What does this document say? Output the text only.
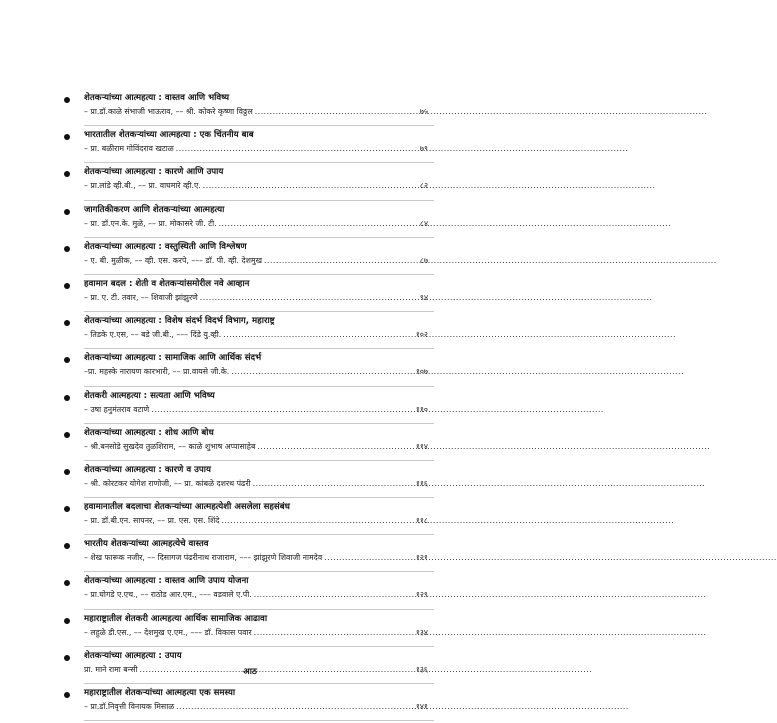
शेतकऱ्यांच्या आत्महत्या : वास्तव आणि भविष्य
– प्रा.डॉ.काळे संभाजी भाऊराव, –– श्री. कोकरे कृष्णा विठ्ठल .....	७५
भारतातील शेतकऱ्यांच्या आत्महत्या : एक चिंतनीय बाब
– प्रा. बळीराम गोविंदराव खटाळ .....	७९
शेतकऱ्यांच्या आत्महत्या : कारणे आणि उपाय
– प्रा.लांडे व्ही.बी., –– प्रा. वाघमारे व्ही.ए. .....	८२
जागतिकीकरण आणि शेतकऱ्यांच्या आत्महत्या
– प्रा. डॉ.एन.के. मुळे, –– प्रा. मोकासरे जी. टी. .....	८४
शेतकऱ्यांच्या आत्महत्या : वस्तुस्थिती आणि विश्लेषण
– ए. बी. मुळीक, –– व्ही. एस. करपे, ––– डॉ. पी. व्ही. देशमुख .....	८७
हवामान बदल : शेती व शेतकऱ्यांसमोरील नवे आव्हान
– प्रा. ए. टी. तवार, –– शिवाजी झांझुरणे .....	९४
शेतकऱ्यांच्या आत्महत्या : विशेष संदर्भ विदर्भ विभाग, महाराष्ट्र
– तिडके ए.एस, –– बडे जी.बी., ––– दिंडे यु.व्ही. .....	१०२
शेतकऱ्यांच्या आत्महत्या : सामाजिक आणि आर्थिक संदर्भ
–प्रा. महस्के नारायण कारभारी, –– प्रा.वायसे जी.के. .....	१०७
शेतकरी आत्महत्या : सत्यता आणि भविष्य
– उषा हनुमंतराव वटाणे .....	११०
शेतकऱ्यांच्या आत्महत्या : शोध आणि बोध
– श्री.बनसोडे सुखदेव तुळशिराम, –– काळे शुभाष अप्पासाहेब .....	११४
शेतकऱ्यांच्या आत्महत्या : कारणे व उपाय
– श्री. कोरटकर योगेश राणोजी, –– प्रा. कांबळे दशरथ पंढरी .....	११६
हवामानातील बदलाचा शेतकऱ्यांच्या आत्महत्येशी असलेला सहसंबंध
– प्रा. डॉ.बी.एन. सापनर, –– प्रा. एस. एस. शिंदे .....	११८
भारतीय शेतकऱ्यांच्या आत्महत्येचे वास्तव
– शेख फारूक नजीर, –– दिसागज पंढरीनाथ राजाराम, ––– झांझुरणे शिवाजी नामदेव .....	१२१
शेतकऱ्यांच्या आत्महत्या : वास्तव आणि उपाय योजना
– प्रा.घोगडे ए.एच., –– राठोड आर.एम., ––– वडवाले ए.पी. .....	१२९
महाराष्ट्रातील शेतकरी आत्महत्या आर्थिक सामाजिक आढावा
– लहुळे डी.एस., –– देशमुख ए.एम., ––– डॉ. विकास पवार .....	१३४
शेतकऱ्यांच्या आत्महत्या : उपाय
प्रा. माने रामा बन्सी .....	१३६
महाराष्ट्रातील शेतकऱ्यांच्या आत्महत्या एक समस्या
– प्रा.डॉ.निवृत्ती विनायक मिसाळ .....	१४१
आठ
